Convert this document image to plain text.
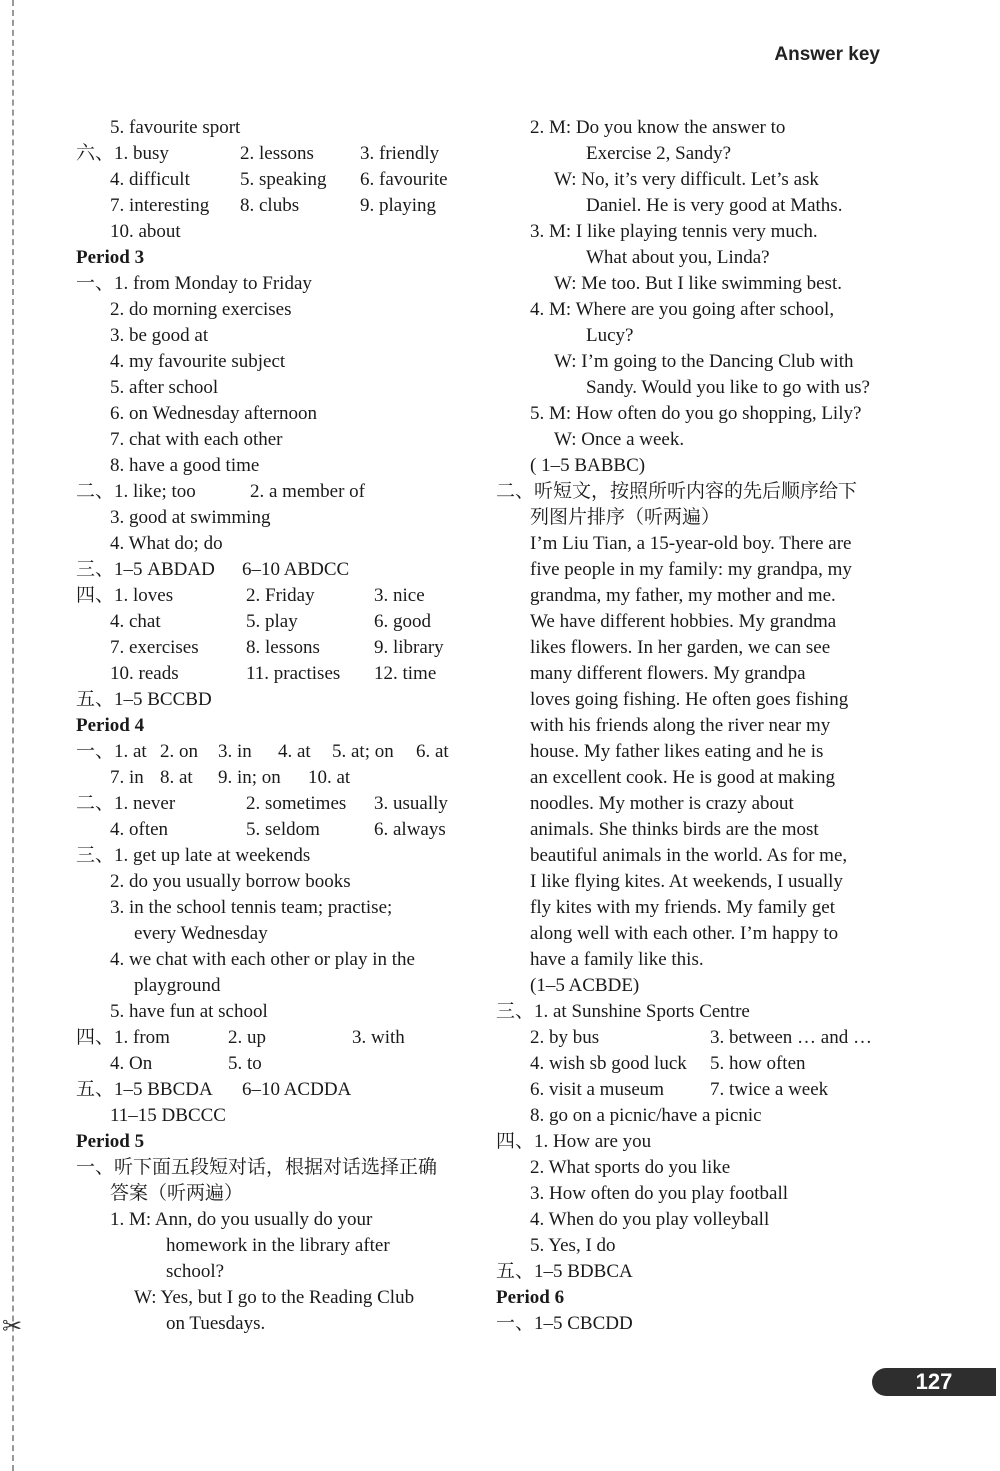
Answer key
5. favourite sport
六、1. busy	2. lessons 3. friendly
4. difficult	5. speaking 6. favourite
7. interesting 8. clubs	9. playing
10. about
Period 3
一、1. from Monday to Friday
2. do morning exercises
3. be good at
4. my favourite subject
5. after school
6. on Wednesday afternoon
7. chat with each other
8. have a good time
二、1. like; too	2. a member of
3. good at swimming
4. What do; do
三、1–5 ABDAD 6–10 ABDCC
四、1. loves	2. Friday	3. nice
4. chat	5. play	6. good
7. exercises 8. lessons	9. library
10. reads	11. practises 12. time
五、1–5 BCCBD
Period 4
一、1. at 2. on 3. in 4. at 5. at; on 6. at
7. in 8. at 9. in; on 10. at
二、1. never	2. sometimes 3. usually
4. often	5. seldom	6. always
三、1. get up late at weekends
2. do you usually borrow books
3. in the school tennis team; practise;
every Wednesday
4. we chat with each other or play in the
playground
5. have fun at school
四、1. from	2. up	3. with
4. On	5. to
五、1–5 BBCDA 6–10 ACDDA
11–15 DBCCC
Period 5
一、听下面五段短对话，根据对话选择正确
答案（听两遍）
1. M: Ann, do you usually do your
homework in the library after
school?
W: Yes, but I go to the Reading Club
on Tuesdays.
2. M: Do you know the answer to
Exercise 2, Sandy?
W: No, it’s very difficult. Let’s ask
Daniel. He is very good at Maths.
3. M: I like playing tennis very much.
What about you, Linda?
W: Me too. But I like swimming best.
4. M: Where are you going after school,
Lucy?
W: I’m going to the Dancing Club with
Sandy. Would you like to go with us?
5. M: How often do you go shopping, Lily?
W: Once a week.
( 1–5 BABBC)
二、听短文，按照所听内容的先后顺序给下
列图片排序（听两遍）
I’m Liu Tian, a 15-year-old boy. There are
five people in my family: my grandpa, my
grandma, my father, my mother and me.
We have different hobbies. My grandma
likes flowers. In her garden, we can see
many different flowers. My grandpa
loves going fishing. He often goes fishing
with his friends along the river near my
house. My father likes eating and he is
an excellent cook. He is good at making
noodles. My mother is crazy about
animals. She thinks birds are the most
beautiful animals in the world. As for me,
I like flying kites. At weekends, I usually
fly kites with my friends. My family get
along well with each other. I’m happy to
have a family like this.
(1–5 ACBDE)
三、1. at Sunshine Sports Centre
2. by bus	3. between … and …
4. wish sb good luck 5. how often
6. visit a museum 7. twice a week
8. go on a picnic/have a picnic
四、1. How are you
2. What sports do you like
3. How often do you play football
4. When do you play volleyball
5. Yes, I do
五、1–5 BDBCA
Period 6
一、1–5 CBCDD
✂
127
